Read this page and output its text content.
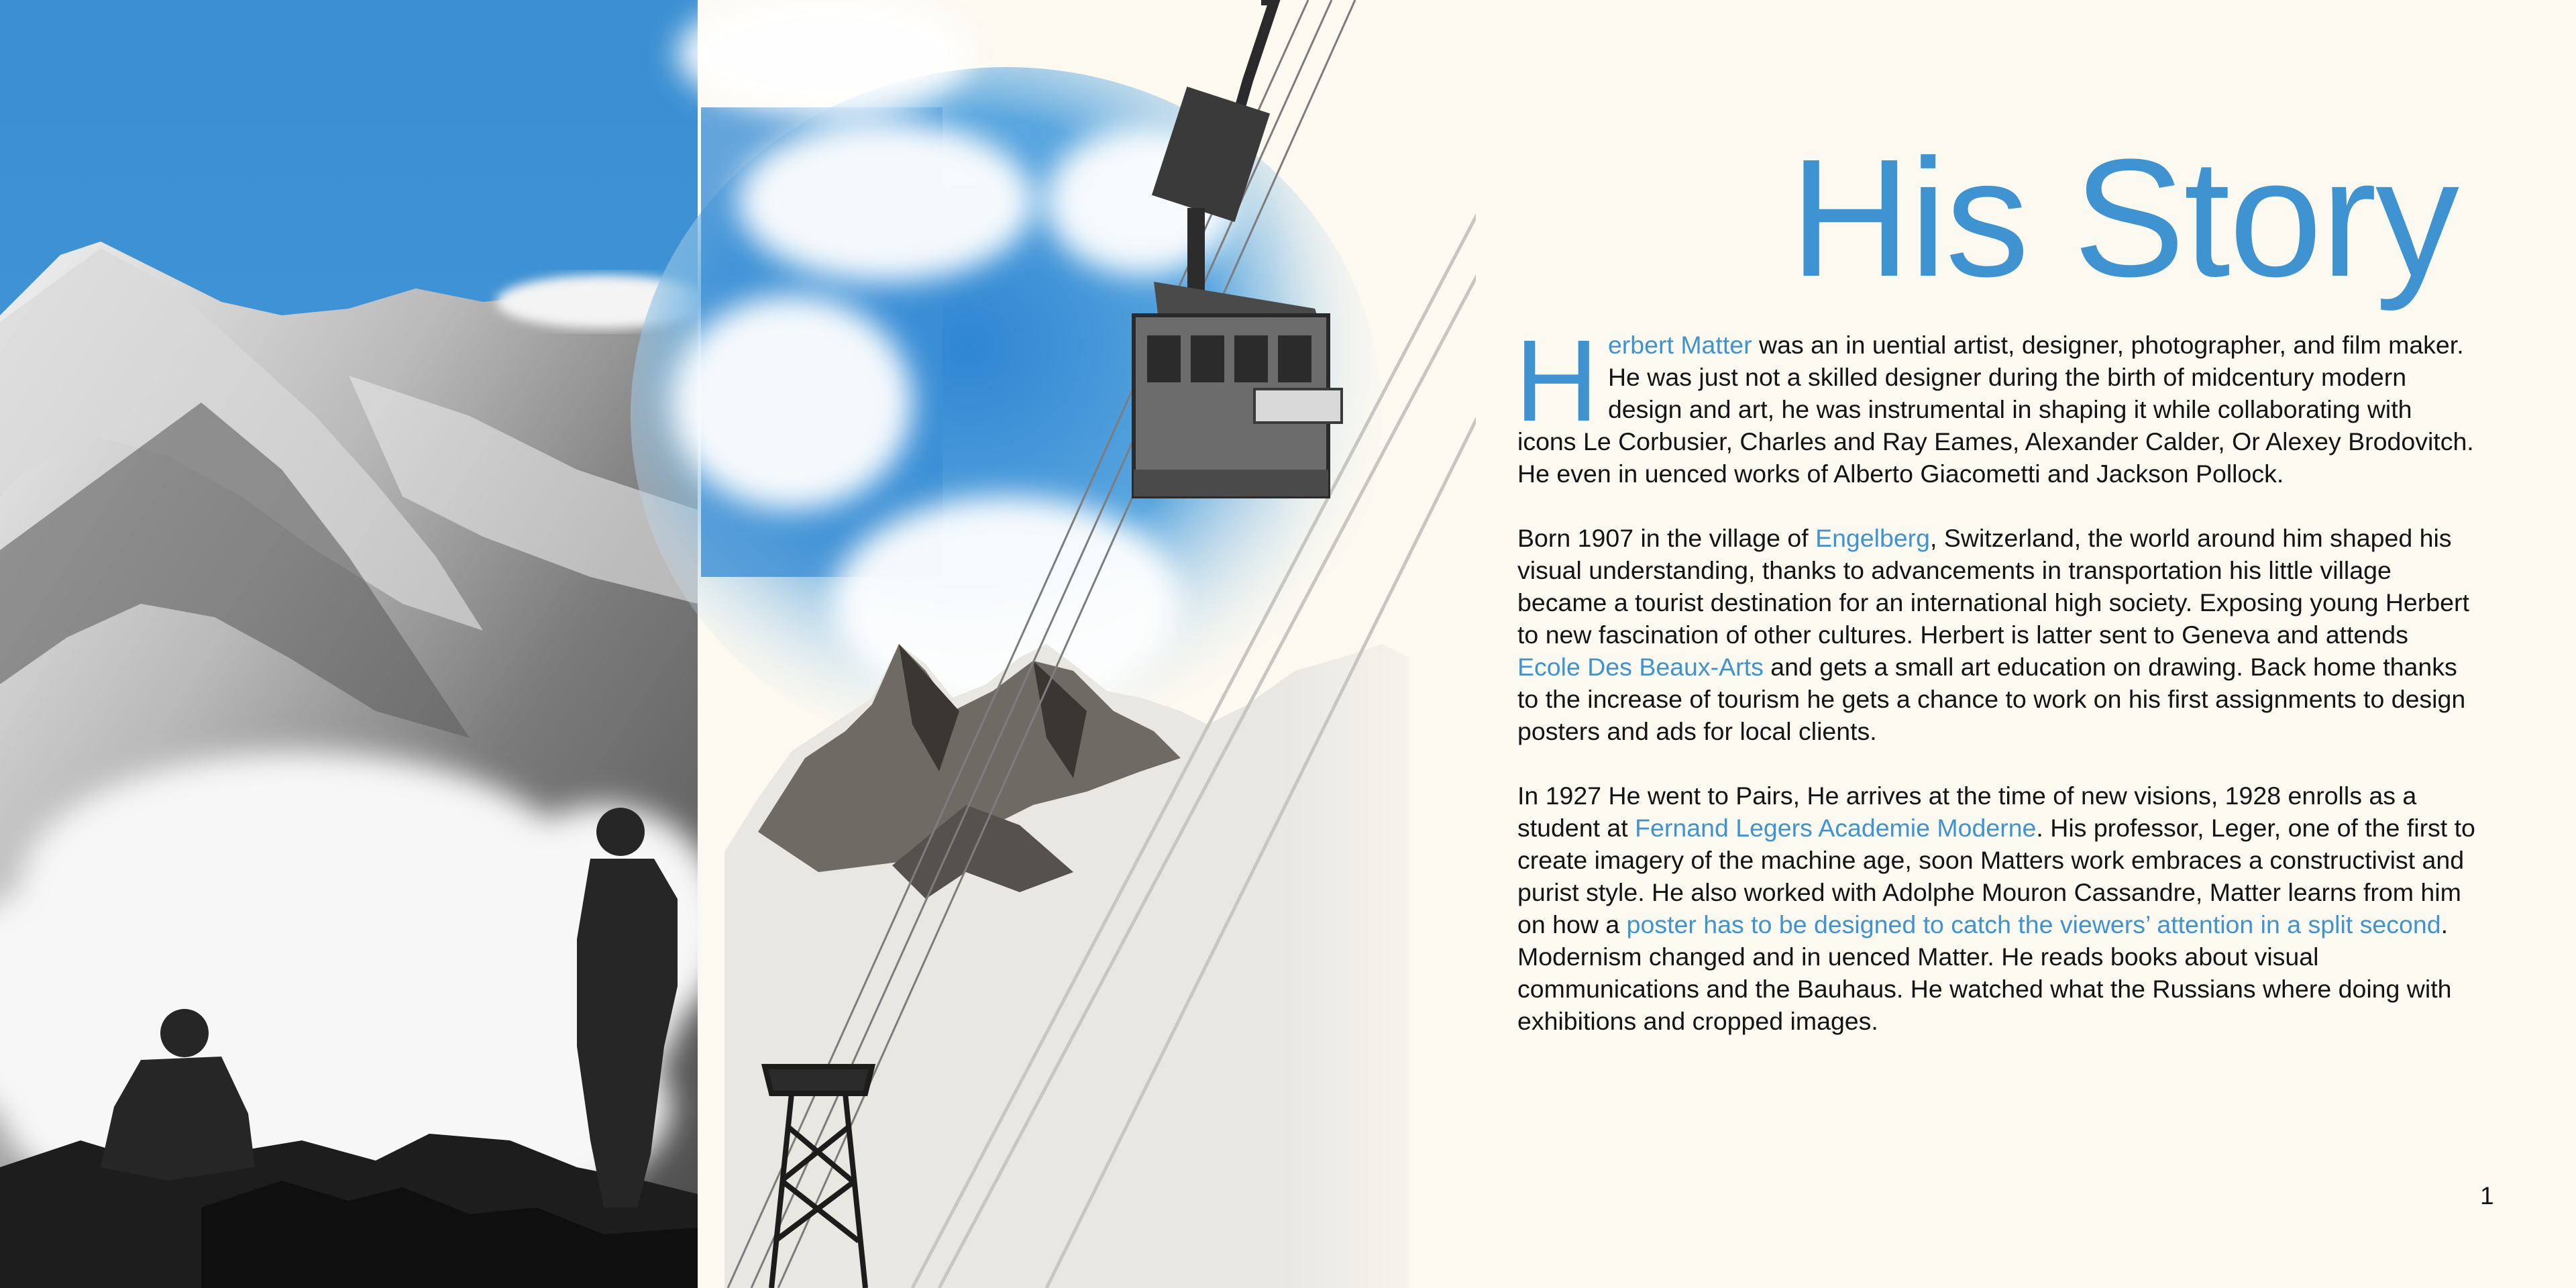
His Story

Herbert Matter was an in uential artist, designer, photographer, and film maker. He was just not a skilled designer during the birth of midcentury modern design and art, he was instrumental in shaping it while collaborating with icons Le Corbusier, Charles and Ray Eames, Alexander Calder, Or Alexey Brodovitch. He even in uenced works of Alberto Giacometti and Jackson Pollock.

Born 1907 in the village of Engelberg, Switzerland, the world around him shaped his visual understanding, thanks to advancements in transportation his little village became a tourist destination for an international high society. Exposing young Herbert to new fascination of other cultures. Herbert is latter sent to Geneva and attends Ecole Des Beaux-Arts and gets a small art education on drawing. Back home thanks to the increase of tourism he gets a chance to work on his first assignments to design posters and ads for local clients.

In 1927 He went to Pairs, He arrives at the time of new visions, 1928 enrolls as a student at Fernand Legers Academie Moderne. His professor, Leger, one of the first to create imagery of the machine age, soon Matters work embraces a constructivist and purist style. He also worked with Adolphe Mouron Cassandre, Matter learns from him on how a poster has to be designed to catch the viewers’ attention in a split second. Modernism changed and in uenced Matter. He reads books about visual communications and the Bauhaus. He watched what the Russians where doing with exhibitions and cropped images.

1
